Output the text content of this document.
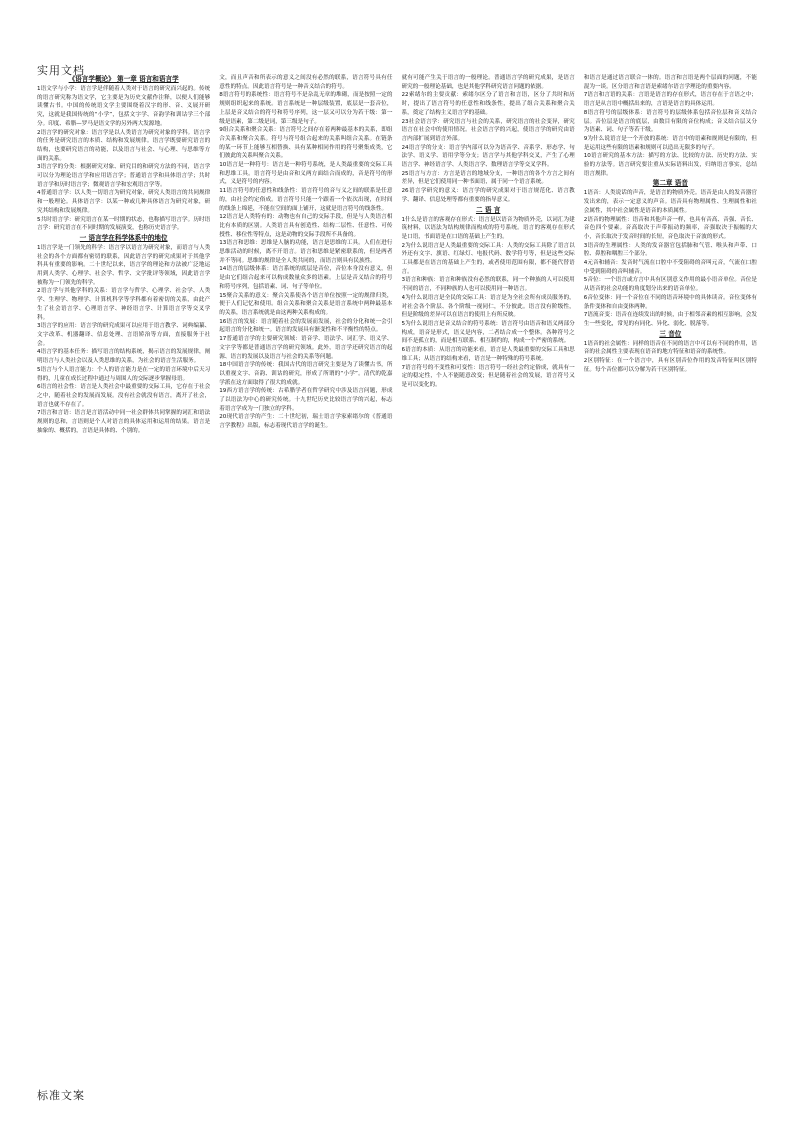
实用文档

《语言学概论》 第一章 语言和语言学

1语文学与小学：语言学是伴随着人类对于语言的研究而兴起的。传统的语言研究称为语文学，它主要是为历史文献作注释，以便人们能够读懂古书。中国的传统语文学主要围绕着汉字的形、音、义展开研究，这就是我国传统的“小学”，包括文字学、音韵学和训诂学三个部分。印度、希腊—罗马是语文学的另外两大发源地。

2语言学的研究对象：语言学是以人类语言为研究对象的学科。语言学的任务是研究语言的本质、结构和发展规律。语言学既要研究语言的结构，也要研究语言的功能，以及语言与社会、与心理、与思维等方面的关系。

3语言学的分类：根据研究对象、研究目的和研究方法的不同，语言学可以分为理论语言学和应用语言学；普通语言学和具体语言学；共时语言学和历时语言学；微观语言学和宏观语言学等。

4普通语言学：以人类一切语言为研究对象，研究人类语言的共同规律和一般理论。具体语言学：以某一种或几种具体语言为研究对象，研究其结构和发展规律。

5共时语言学：研究语言在某一时期的状态，也称描写语言学。历时语言学：研究语言在不同时期的发展演变，也称历史语言学。

一 语言学在科学体系中的地位

1语言学是一门领先的科学：语言学以语言为研究对象，而语言与人类社会的各个方面都有密切的联系，因此语言学的研究成果对于其他学科具有重要的影响。二十世纪以来，语言学的理论和方法被广泛地运用到人类学、心理学、社会学、哲学、文学批评等领域，因此语言学被称为一门领先的科学。

2语言学与其他学科的关系：语言学与哲学、心理学、社会学、人类学、生理学、物理学、计算机科学等学科都有着密切的关系，由此产生了社会语言学、心理语言学、神经语言学、计算语言学等交叉学科。

3语言学的应用：语言学的研究成果可以应用于语言教学、词典编纂、文字改革、机器翻译、信息处理、言语矫治等方面，直接服务于社会。

4语言学的基本任务：描写语言的结构系统，揭示语言的发展规律，阐明语言与人类社会以及人类思维的关系，为社会的语言生活服务。

5语言与个人语言能力：个人的语言能力是在一定的语言环境中后天习得的，儿童在成长过程中通过与周围人的交际逐步掌握母语。

6语言的社会性：语言是人类社会中最重要的交际工具，它存在于社会之中，随着社会的发展而发展。没有社会就没有语言，离开了社会，语言也就不存在了。

7语言和言语：语言是言语活动中同一社会群体共同掌握的词汇和语法规则的总和，言语则是个人对语言的具体运用和运用的结果。语言是抽象的、概括的，言语是具体的、个别的。

文，而且声音和所表示的意义之间没有必然的联系，语言符号具有任意性的特点。因此语言符号是一种音义结合的符号。

8语言符号的系统性：语言符号不是杂乱无章的堆砌，而是按照一定的规则组织起来的系统。语言系统是一种层级装置，底层是一套音位，上层是音义结合的符号和符号序列，这一层又可以分为若干级：第一级是语素，第二级是词，第三级是句子。

9组合关系和聚合关系：语言符号之间存在着两种最基本的关系，即组合关系和聚合关系。符号与符号组合起来的关系叫组合关系。在链条的某一环节上能够互相替换、具有某种相同作用的符号聚集成类，它们彼此的关系叫聚合关系。

10语言是一种符号：语言是一种符号系统，是人类最重要的交际工具和思维工具。语言符号是由音和义两方面结合而成的，音是符号的形式，义是符号的内容。

11语言符号的任意性和线条性：语言符号的音与义之间的联系是任意的，由社会约定俗成。语言符号只能一个跟着一个依次出现，在时间的线条上绵延，不能在空间的面上铺开，这就是语言符号的线条性。

12语言是人类特有的：动物也有自己的交际手段，但是与人类语言相比有本质的区别。人类语言具有创造性、结构二层性、任意性、可传授性、移位性等特点，这是动物的交际手段所不具备的。

13语言和思维：思维是人脑的功能，语言是思维的工具。人们在进行思维活动的时候，离不开语言。语言和思维是紧密联系的，但是两者并不等同。思维的规律是全人类共同的，而语言则具有民族性。

14语言的层级体系：语言系统的底层是音位，音位本身没有意义，但是由它们组合起来可以构成数量众多的语素。上层是音义结合的符号和符号序列，包括语素、词、句子等单位。

15聚合关系的意义：聚合关系使各个语言单位按照一定的规律归类，便于人们记忆和使用。组合关系和聚合关系是语言系统中两种最基本的关系，语言系统就是由这两种关系构成的。

16语言的发展：语言随着社会的发展而发展，社会的分化和统一会引起语言的分化和统一。语言的发展具有渐变性和不平衡性的特点。

17普通语言学的主要研究领域：语音学、语法学、词汇学、语义学、文字学等都是普通语言学的研究领域。此外，语言学还研究语言的起源、语言的发展以及语言与社会的关系等问题。

18中国语言学的传统：我国古代的语言研究主要是为了读懂古书，所以重视文字、音韵、训诂的研究，形成了所谓的“小学”。清代的乾嘉学派在这方面取得了很大的成就。

19西方语言学的传统：古希腊学者在哲学研究中涉及语言问题，形成了以语法为中心的研究传统。十九世纪历史比较语言学的兴起，标志着语言学成为一门独立的学科。

20现代语言学的产生：二十世纪初，瑞士语言学家索绪尔的《普通语言学教程》出版，标志着现代语言学的诞生。

就有可能产生关于语言的一般理论。普通语言学的研究成果，是语言研究的一般理论基础，也是其他学科研究语言问题的依据。

22索绪尔的主要贡献：索绪尔区分了语言和言语，区分了共时和历时，提出了语言符号的任意性和线条性，提出了组合关系和聚合关系，奠定了结构主义语言学的基础。

23社会语言学：研究语言与社会的关系，研究语言的社会变异，研究语言在社会中的使用情况。社会语言学的兴起，使语言学的研究由语言内部扩展到语言外部。

24语言学的分支：语言学内部可以分为语音学、音系学、形态学、句法学、语义学、语用学等分支；语言学与其他学科交叉，产生了心理语言学、神经语言学、人类语言学、数理语言学等交叉学科。

25语言与方言：方言是语言的地域分支，一种语言的各个方言之间有差异，但是它们使用同一种书面语，属于同一个语言系统。

26语言学研究的意义：语言学的研究成果对于语言规范化、语言教学、翻译、信息处理等都有重要的指导意义。

二 语 言

1什么是语言的客观存在形式：语言是以语音为物质外壳，以词汇为建筑材料，以语法为结构规律而构成的符号系统。语言的客观存在形式是口语，书面语是在口语的基础上产生的。

2为什么说语言是人类最重要的交际工具：人类的交际工具除了语言以外还有文字、旗语、红绿灯、电报代码、数学符号等，但是这些交际工具都是在语言的基础上产生的，或者使用范围有限，都不能代替语言。

3语言和种族：语言和种族没有必然的联系，同一个种族的人可以使用不同的语言，不同种族的人也可以使用同一种语言。

4为什么说语言是全民的交际工具：语言是为全社会所有成员服务的，对社会各个阶层、各个阶级一视同仁，不分彼此。语言没有阶级性，但是阶级的差异可以在语言的使用上有所反映。

5为什么说语言是音义结合的符号系统：语言符号由语音和语义两部分构成，语音是形式，语义是内容，二者结合成一个整体。各种符号之间不是孤立的，而是相互联系、相互制约的，构成一个严密的系统。

6语言的本质：从语言的功能来看，语言是人类最重要的交际工具和思维工具；从语言的结构来看，语言是一种特殊的符号系统。

7语言符号的不变性和可变性：语言符号一经社会约定俗成，就具有一定的稳定性，个人不能随意改变；但是随着社会的发展，语言符号又是可以变化的。

和语言是通过语言联合一体的。语言和言语是两个层面的问题，不能混为一谈。区分语言和言语是索绪尔语言学理论的重要内容。

7语言和言语的关系：言语是语言的存在形式，语言存在于言语之中；语言是从言语中概括出来的，言语是语言的具体运用。

8语言符号的层级体系：语言符号的层级体系包括音位层和音义结合层。音位层是语言的底层，由数目有限的音位构成；音义结合层又分为语素、词、句子等若干级。

9为什么说语言是一个开放的系统：语言中的语素和规则是有限的，但是运用这些有限的语素和规则可以造出无限多的句子。

10语言研究的基本方法：描写的方法、比较的方法、历史的方法、实验的方法等。语言研究要注重从实际语料出发，归纳语言事实，总结语言规律。

第二章 语音

1语音：人类说话的声音，是语言的物质外壳。语音是由人的发音器官发出来的，表示一定意义的声音。语音具有物理属性、生理属性和社会属性，其中社会属性是语音的本质属性。

2语音的物理属性：语音和其他声音一样，也具有音高、音强、音长、音色四个要素。音高取决于声带振动的频率，音强取决于振幅的大小，音长取决于发音时间的长短，音色取决于音波的形式。

3语音的生理属性：人类的发音器官包括肺和气管、喉头和声带、口腔、鼻腔和咽腔三个部分。

4元音和辅音：发音时气流在口腔中不受阻碍的音叫元音，气流在口腔中受到阻碍的音叫辅音。

5音位：一个语言或方言中具有区别意义作用的最小语音单位。音位是从语音的社会功能的角度划分出来的语音单位。

6音位变体：同一个音位在不同的语音环境中的具体读音。音位变体有条件变体和自由变体两种。

7语流音变：语音在连续发出的时候，由于相邻音素的相互影响，会发生一些变化，常见的有同化、异化、弱化、脱落等。

三 音位

1语音的社会属性：同样的语音在不同的语言中可以有不同的作用，语音的社会属性主要表现在语音的地方特征和语音的系统性。

2区别特征：在一个语言中，具有区别音位作用的发音特征叫区别特征。每个音位都可以分解为若干区别特征。

标准文案
